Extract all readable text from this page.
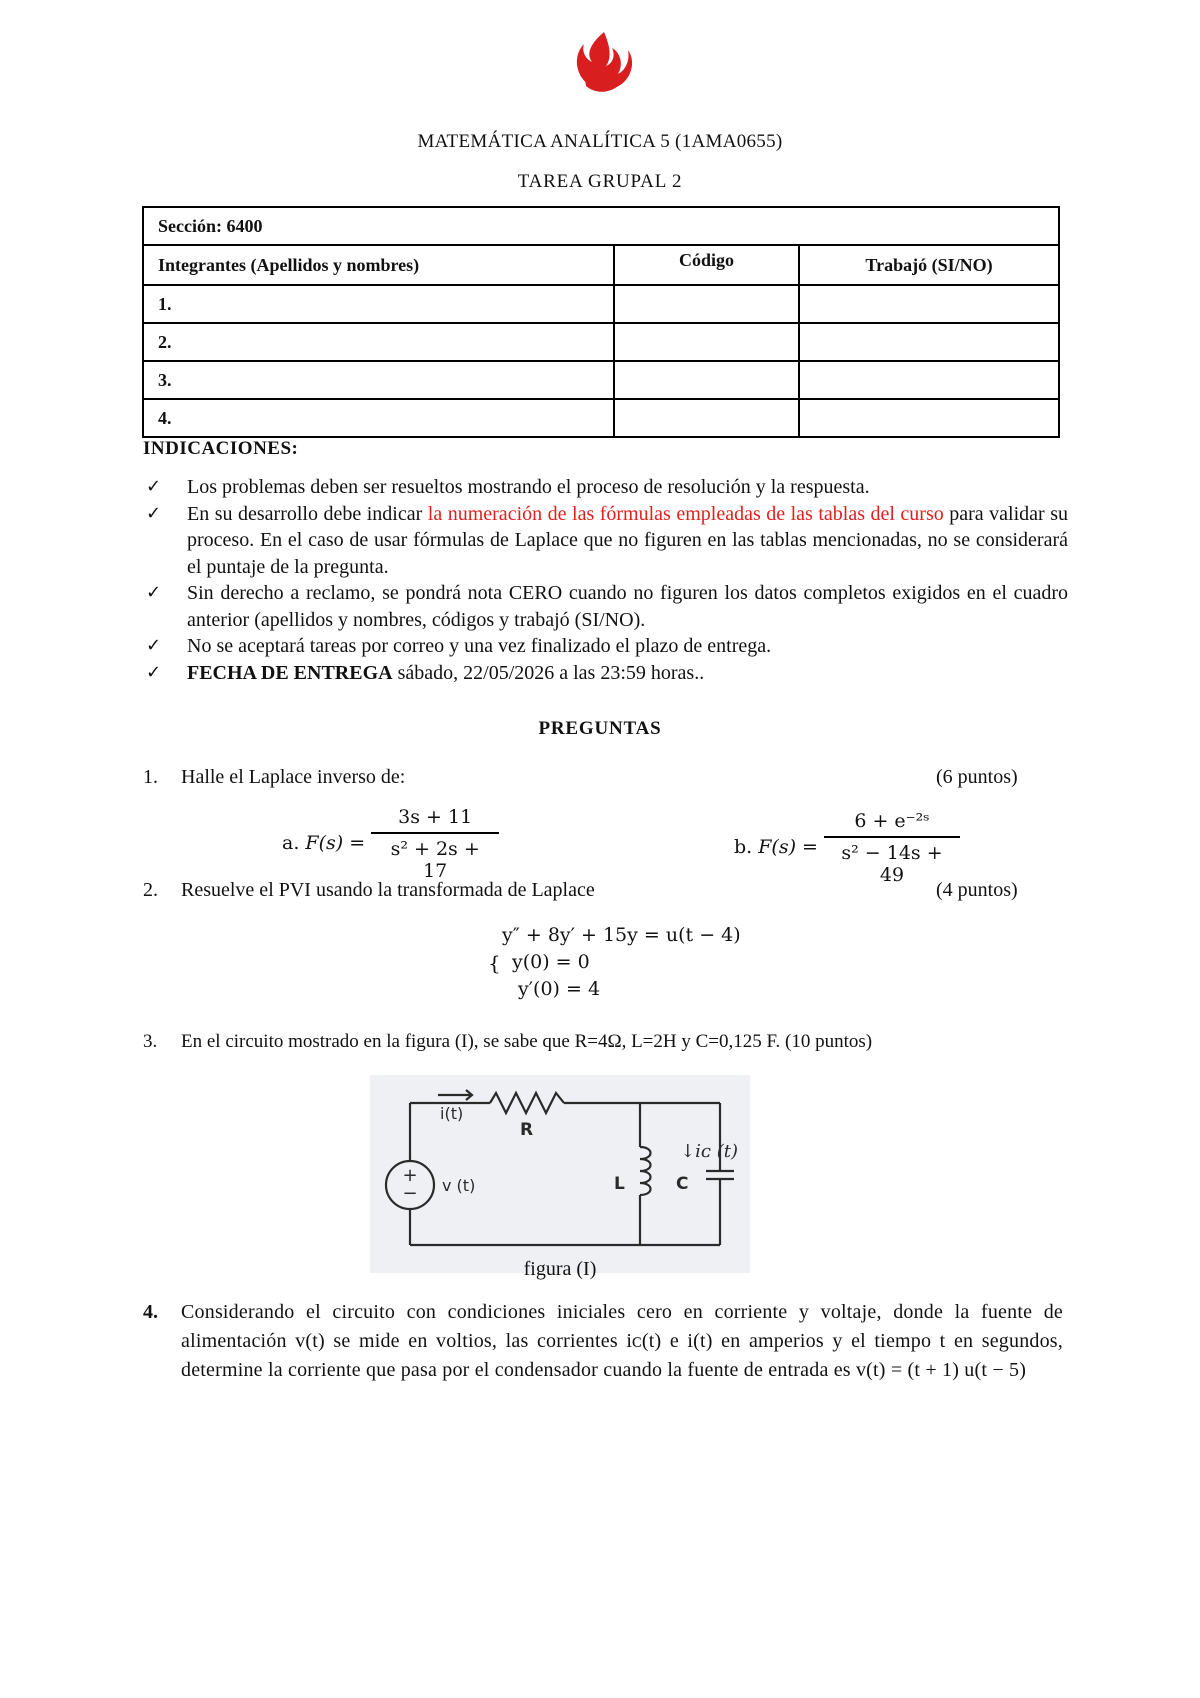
MATEMÁTICA ANALÍTICA 5 (1AMA0655)
TAREA GRUPAL 2
Sección: 6400		
Integrantes (Apellidos y nombres)	Código	Trabajó (SI/NO)
1.		
2.		
3.		
4.		
INDICACIONES:
✓ Los problemas deben ser resueltos mostrando el proceso de resolución y la respuesta.
✓ En su desarrollo debe indicar la numeración de las fórmulas empleadas de las tablas del curso para validar su proceso. En el caso de usar fórmulas de Laplace que no figuren en las tablas mencionadas, no se considerará el puntaje de la pregunta.
✓ Sin derecho a reclamo, se pondrá nota CERO cuando no figuren los datos completos exigidos en el cuadro anterior (apellidos y nombres, códigos y trabajó (SI/NO).
✓ No se aceptará tareas por correo y una vez finalizado el plazo de entrega.
✓ FECHA DE ENTREGA sábado, 22/05/2026 a las 23:59 horas..
PREGUNTAS
1. Halle el Laplace inverso de:	(6 puntos)
a. $F(s) = \frac{3s + 11}{\text{s² + 2s + 17}}$	b. $F(s) = \frac{\text{6 + e⁻²ˢ}}{\text{s² − 14s + 49}}$
2. Resuelve el PVI usando la transformada de Laplace	(4 puntos)
{
y″ + 8y′ + 15y = u(t − 4)
y(0) = 0
y′(0) = 4
3. En el circuito mostrado en la figura (I), se sabe que R=4Ω, L=2H y C=0,125 F. (10 puntos)
+
−
i(t)
R
v (t)	L	C
↓iᴄ (t)
figura (I)
4. Considerando el circuito con condiciones iniciales cero en corriente y voltaje, donde la fuente de alimentación v(t) se mide en voltios, las corrientes iᴄ(t) e i(t) en amperios y el tiempo t en segundos, determine la corriente que pasa por el condensador cuando la fuente de entrada es v(t) = (t + 1) u(t − 5)
